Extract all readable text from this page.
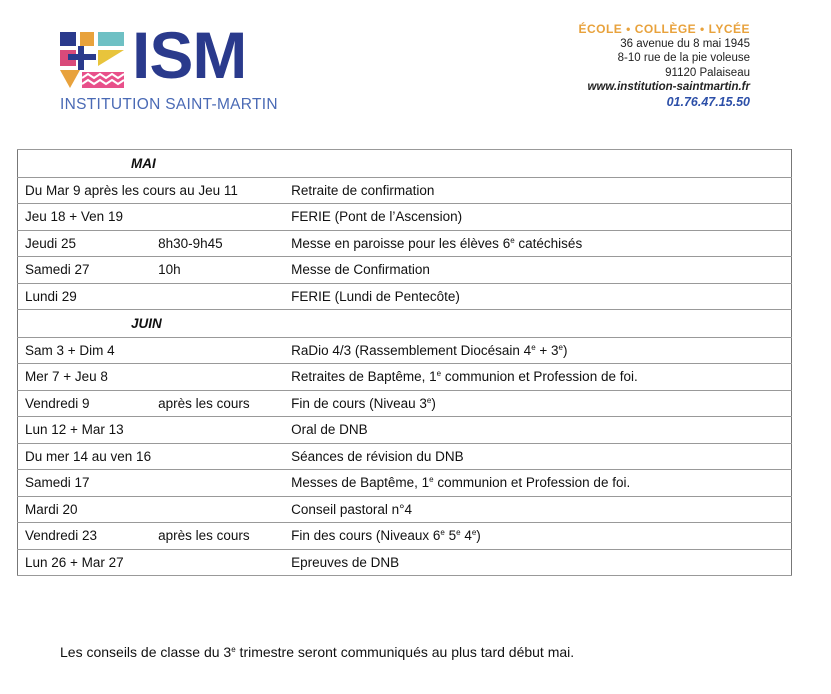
ISM
INSTITUTION SAINT-MARTIN
ÉCOLE • COLLÈGE • LYCÉE
36 avenue du 8 mai 1945
8-10 rue de la pie voleuse
91120 Palaiseau
www.institution-saintmartin.fr
01.76.47.15.50
MAI		
Du Mar 9 après les cours au Jeu 11		Retraite de confirmation
Jeu 18 + Ven 19		FERIE (Pont de l’Ascension)
Jeudi 25	8h30-9h45	Messe en paroisse pour les élèves 6e catéchisés
Samedi 27	10h	Messe de Confirmation
Lundi 29		FERIE (Lundi de Pentecôte)
JUIN		
Sam 3 + Dim 4		RaDio 4/3 (Rassemblement Diocésain $4^e + 3^e$)
Mer 7 + Jeu 8		Retraites de Baptême, 1e communion et Profession de foi.
Vendredi 9	après les cours	Fin de cours (Niveau 3e)
Lun 12 + Mar 13		Oral de DNB
Du mer 14 au ven 16		Séances de révision du DNB
Samedi 17		Messes de Baptême, 1e communion et Profession de foi.
Mardi 20		Conseil pastoral n°4
Vendredi 23	après les cours	Fin des cours (Niveaux 6e 5e 4e)
Lun 26 + Mar 27		Epreuves de DNB
Les conseils de classe du 3e trimestre seront communiqués au plus tard début mai.
